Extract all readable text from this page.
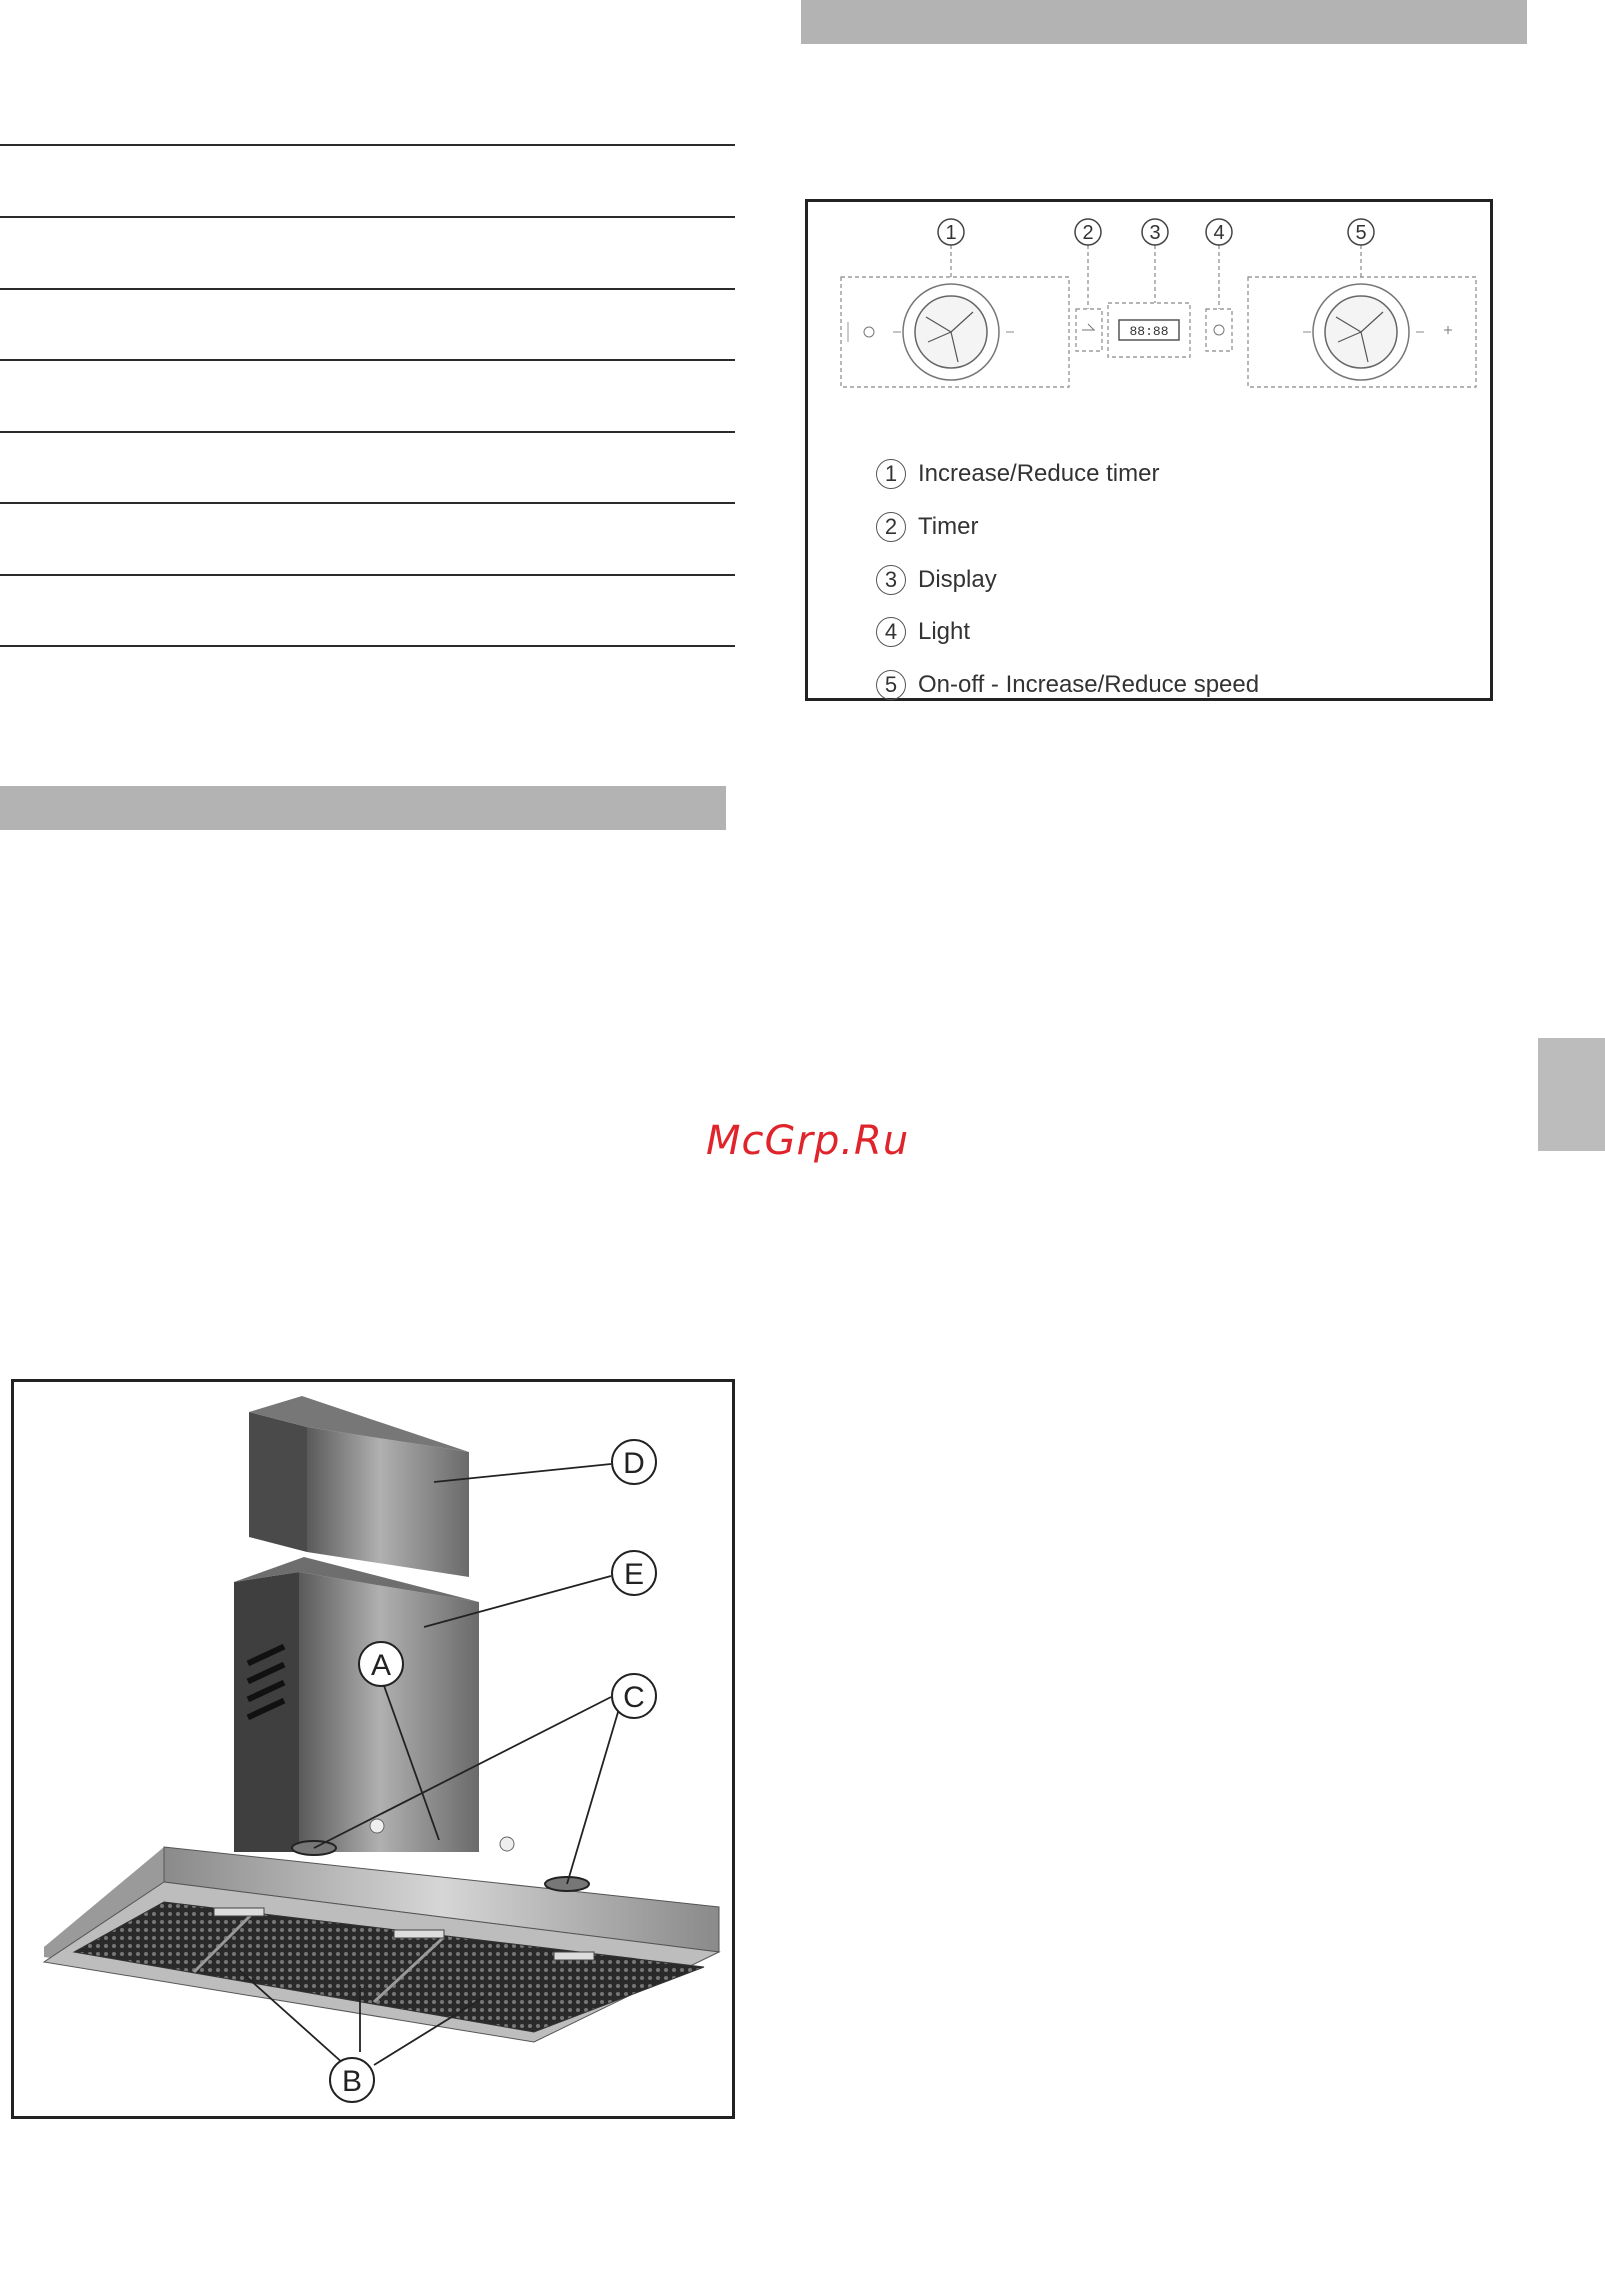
McGrp.Ru
1	2	3	4	5
88:88
1 Increase/Reduce timer
2 Timer
3 Display
4 Light
5 On-off - Increase/Reduce speed
A
B
C
D
E
